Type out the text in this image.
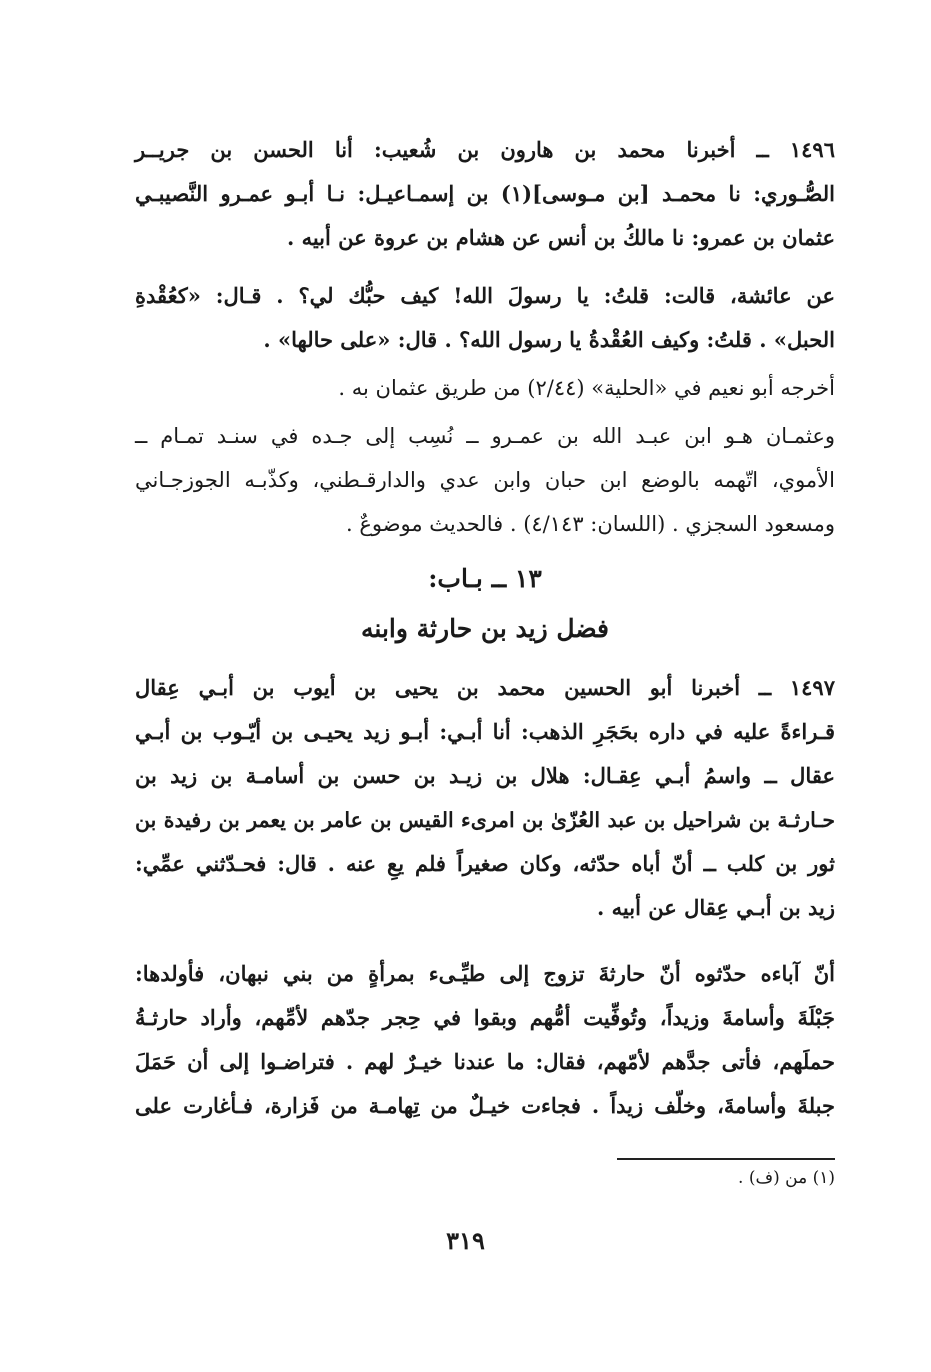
١٤٩٦ ــ أخبرنا محمد بن هارون بن شُعيب: أنا الحسن بن جريــر
الصُّـوري: نا محمـد [بن مـوسى](١) بن إسمـاعيـل: نـا أبـو عمـرو النَّصيبـي
عثمان بن عمرو: نا مالكُ بن أنس عن هشام بن عروة عن أبيه .

عن عائشة، قالت: قلتُ: يا رسولَ الله! كيف حبُّك لي؟ . قـال: «كعُقْدةِ
الحبل» . قلتُ: وكيف العُقْدةُ يا رسول الله؟ . قال: «على حالها» .

أخرجه أبو نعيم في «الحلية» (٢/٤٤) من طريق عثمان به .

وعثمـان هـو ابن عبـد الله بن عمـرو ــ نُسِب إلى جـده في سنـد تمـام ــ
الأموي، اتّهمه بالوضع ابن حبان وابن عدي والدارقـطني، وكذّبـه الجوزجـاني
ومسعود السجزي . (اللسان: ٤/١٤٣) . فالحديث موضوعٌ .

١٣ ــ بـاب:
فضل زيد بن حارثة وابنه

١٤٩٧ ــ أخبرنا أبو الحسين محمد بن يحيى بن أيوب بن أبـي عِقال
قـراءةً عليه في داره بحَجَرِ الذهب: أنا أبـي: أبـو زيد يحيـى بن أيّـوب بن أبـي
عقال ــ واسمُ أبـي عِقـال: هلال بن زيـد بن حسن بن أسامـة بن زيد بن
حـارثـة بن شراحيل بن عبد العُزّىٰ بن امرىء القيس بن عامر بن يعمر بن رفيدة بن
ثور بن كلب ــ أنّ أباه حدّثه، وكان صغيراً فلم يعِ عنه . قال: فحـدّثني عمِّي:
زيد بن أبـي عِقال عن أبيه .

أنّ آباءه حدّثوه أنّ حارثةَ تزوج إلى طيِّـىء بمرأةٍ من بني نبهان، فأولدها:
جَبْلَةَ وأسامةَ وزيداً، وتُوفِّيت أمُّهم وبقوا في حِجر جدّهم لأمِّهم، وأراد حارثـةُ
حملَهم، فأتى جدَّهم لأمّهم، فقال: ما عندنا خيـرٌ لهم . فتراضـوا إلى أن حَمَلَ
جبلةَ وأسامةَ، وخلّف زيداً . فجاءت خيـلٌ من تِهامـة من فَزارة، فـأغارت على

(١) من (ف) .
٣١٩
